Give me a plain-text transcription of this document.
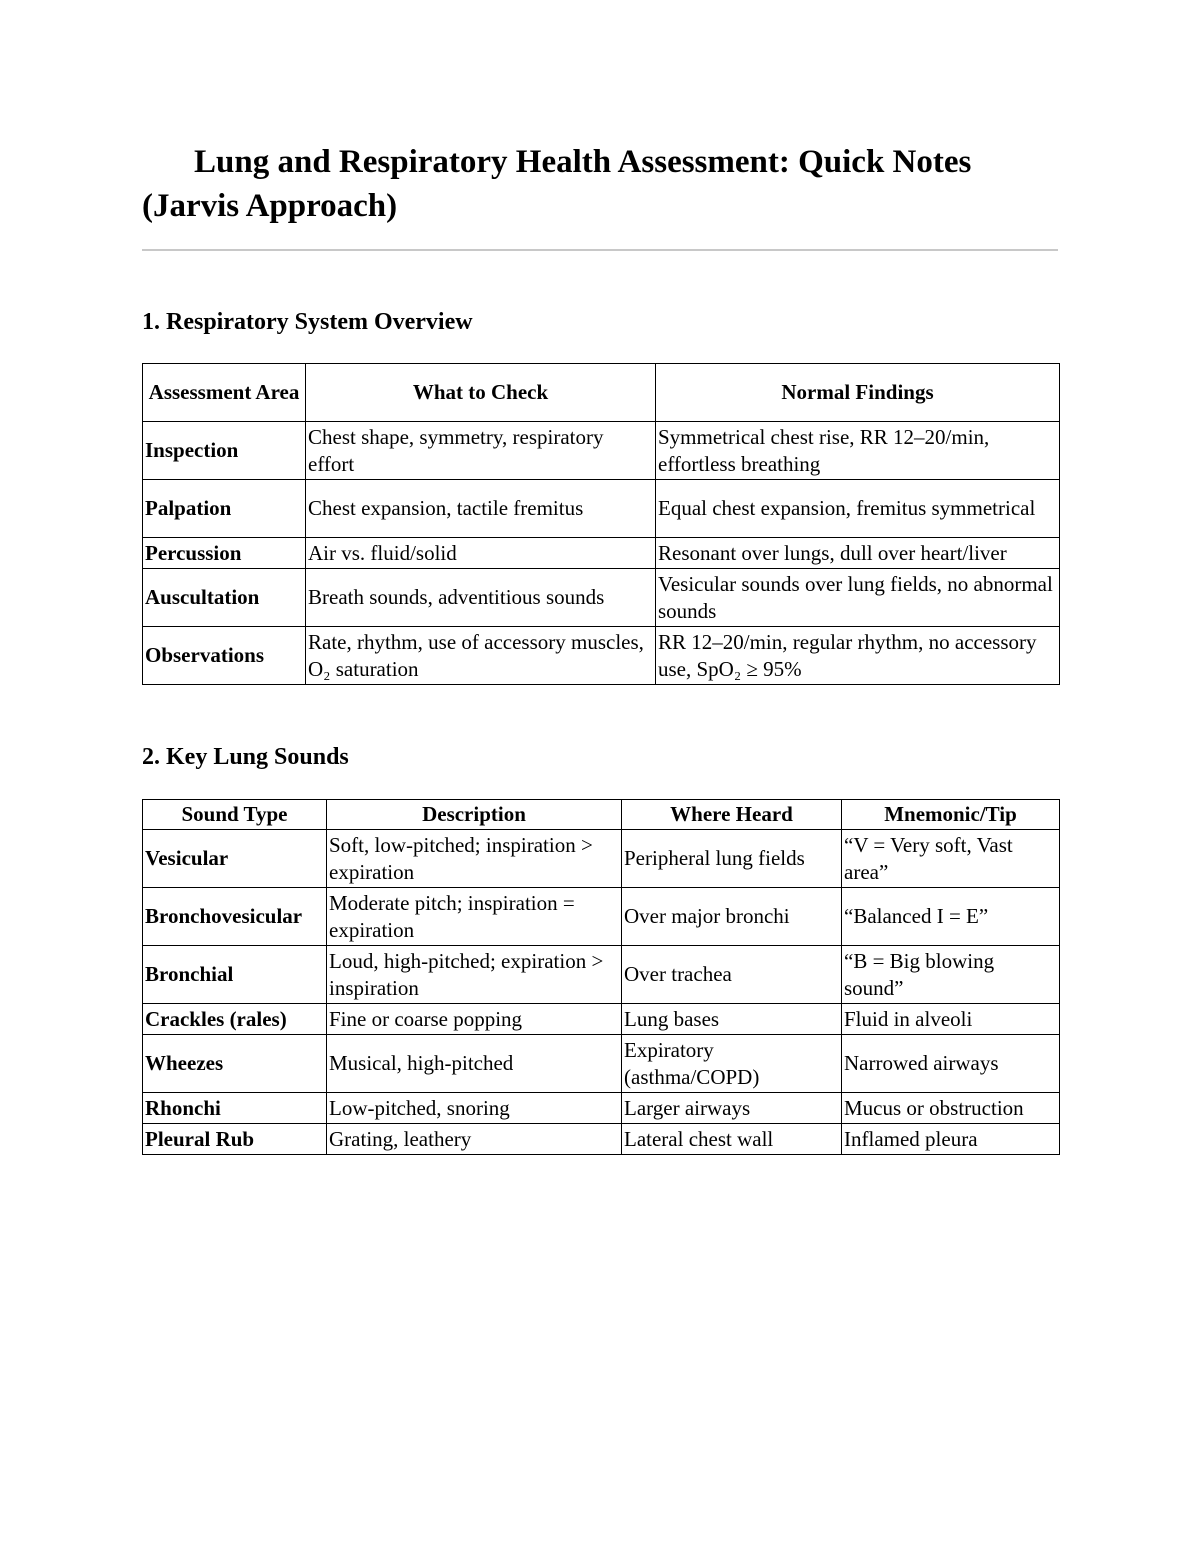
Lung and Respiratory Health Assessment: Quick Notes (Jarvis Approach)
1. Respiratory System Overview
Assessment Area	What to Check	Normal Findings
Inspection	Chest shape, symmetry, respiratory effort	Symmetrical chest rise, RR 12–20/min, effortless breathing
Palpation	Chest expansion, tactile fremitus	Equal chest expansion, fremitus symmetrical
Percussion	Air vs. fluid/solid	Resonant over lungs, dull over heart/liver
Auscultation	Breath sounds, adventitious sounds	Vesicular sounds over lung fields, no abnormal sounds
Observations	Rate, rhythm, use of accessory muscles, O₂ saturation	RR 12–20/min, regular rhythm, no accessory use, SpO₂ ≥ 95%
2. Key Lung Sounds
Sound Type	Description	Where Heard	Mnemonic/Tip
Vesicular	Soft, low-pitched; inspiration > expiration	Peripheral lung fields	“V = Very soft, Vast area”
Bronchovesicular	Moderate pitch; inspiration = expiration	Over major bronchi	“Balanced I = E”
Bronchial	Loud, high-pitched; expiration > inspiration	Over trachea	“B = Big blowing sound”
Crackles (rales)	Fine or coarse popping	Lung bases	Fluid in alveoli
Wheezes	Musical, high-pitched	Expiratory (asthma/COPD)	Narrowed airways
Rhonchi	Low-pitched, snoring	Larger airways	Mucus or obstruction
Pleural Rub	Grating, leathery	Lateral chest wall	Inflamed pleura
